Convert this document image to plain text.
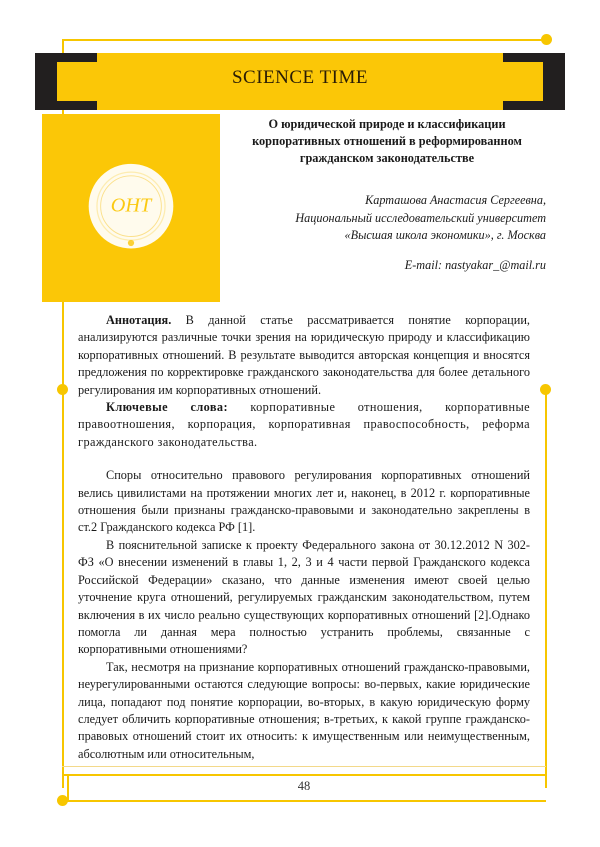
SCIENCE TIME
ОНТ
О юридической природе и классификации
корпоративных отношений в реформированном
гражданском законодательстве
Карташова Анастасия Сергеевна,
Национальный исследовательский университет
«Высшая школа экономики», г. Москва
E-mail: nastyakar_@mail.ru

Аннотация. В данной статье рассматривается понятие корпорации, анализируются различные точки зрения на юридическую природу и классификацию корпоративных отношений. В результате выводится авторская концепция и вносятся предложения по корректировке гражданского законодательства для более детального регулирования им корпоративных отношений.

Ключевые слова: корпоративные отношения, корпоративные правоотношения, корпорация, корпоративная правоспособность, реформа гражданского законодательства.

Споры относительно правового регулирования корпоративных отношений велись цивилистами на протяжении многих лет и, наконец, в 2012 г. корпоративные отношения были признаны гражданско-правовыми и законодательно закреплены в ст.2 Гражданского кодекса РФ [1].

В пояснительной записке к проекту Федерального закона от 30.12.2012 N 302-ФЗ «О внесении изменений в главы 1, 2, 3 и 4 части первой Гражданского кодекса Российской Федерации» сказано, что данные изменения имеют своей целью уточнение круга отношений, регулируемых гражданским законодательством, путем включения в их число реально существующих корпоративных отношений [2].Однако помогла ли данная мера полностью устранить проблемы, связанные с корпоративными отношениями?

Так, несмотря на признание корпоративных отношений гражданско-правовыми, неурегулированными остаются следующие вопросы: во-первых, какие юридические лица, попадают под понятие корпорации, во-вторых, в какую юридическую форму следует обличить корпоративные отношения; в-третьих, к какой группе гражданско-правовых отношений стоит их относить: к имущественным или неимущественным, абсолютным или относительным,

48
